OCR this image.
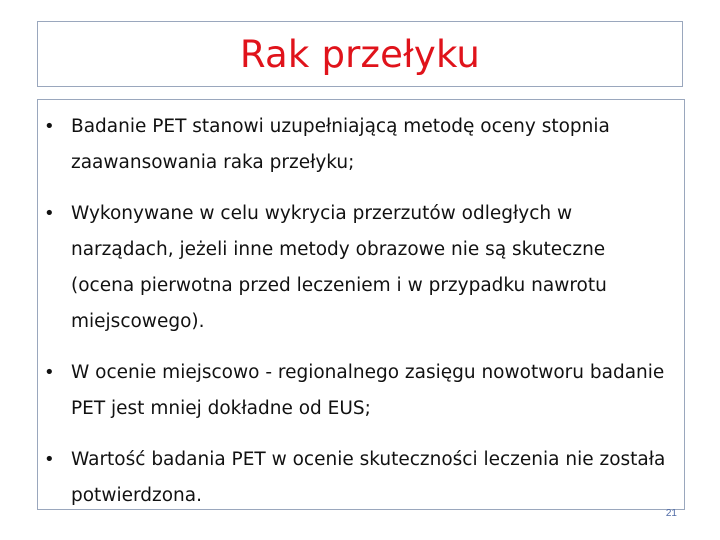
Rak przełyku
• Badanie PET stanowi uzupełniającą metodę oceny stopnia zaawansowania raka przełyku;
• Wykonywane w celu wykrycia przerzutów odległych w narządach, jeżeli inne metody obrazowe nie są skuteczne (ocena pierwotna przed leczeniem i w przypadku nawrotu miejscowego).
• W ocenie miejscowo - regionalnego zasięgu nowotworu badanie PET jest mniej dokładne od EUS;
• Wartość badania PET w ocenie skuteczności leczenia nie została potwierdzona.
21
